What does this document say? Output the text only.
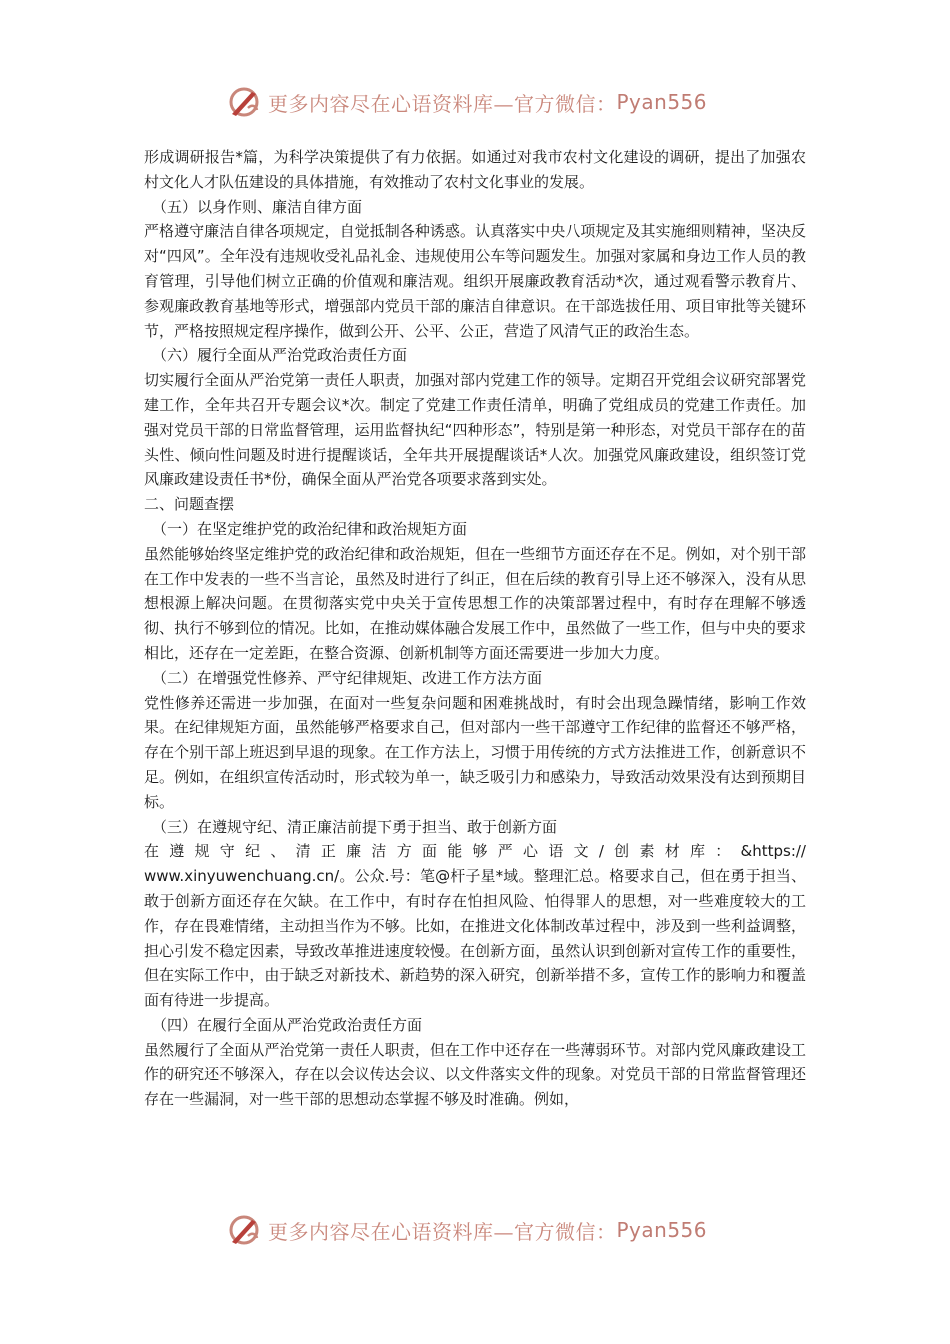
更多内容尽在心语资料库—官方微信： Pyan556

形成调研报告*篇，为科学决策提供了有力依据。如通过对我市农村文化建设的调研，提出了加强农村文化人才队伍建设的具体措施，有效推动了农村文化事业的发展。

（五）以身作则、廉洁自律方面

严格遵守廉洁自律各项规定，自觉抵制各种诱惑。认真落实中央八项规定及其实施细则精神，坚决反对“四风”。全年没有违规收受礼品礼金、违规使用公车等问题发生。加强对家属和身边工作人员的教育管理，引导他们树立正确的价值观和廉洁观。组织开展廉政教育活动*次，通过观看警示教育片、参观廉政教育基地等形式，增强部内党员干部的廉洁自律意识。在干部选拔任用、项目审批等关键环节，严格按照规定程序操作，做到公开、公平、公正，营造了风清气正的政治生态。

（六）履行全面从严治党政治责任方面

切实履行全面从严治党第一责任人职责，加强对部内党建工作的领导。定期召开党组会议研究部署党建工作，全年共召开专题会议*次。制定了党建工作责任清单，明确了党组成员的党建工作责任。加强对党员干部的日常监督管理，运用监督执纪“四种形态”，特别是第一种形态，对党员干部存在的苗头性、倾向性问题及时进行提醒谈话，全年共开展提醒谈话*人次。加强党风廉政建设，组织签订党风廉政建设责任书*份，确保全面从严治党各项要求落到实处。

二、问题查摆

（一）在坚定维护党的政治纪律和政治规矩方面

虽然能够始终坚定维护党的政治纪律和政治规矩，但在一些细节方面还存在不足。例如，对个别干部在工作中发表的一些不当言论，虽然及时进行了纠正，但在后续的教育引导上还不够深入，没有从思想根源上解决问题。在贯彻落实党中央关于宣传思想工作的决策部署过程中，有时存在理解不够透彻、执行不够到位的情况。比如，在推动媒体融合发展工作中，虽然做了一些工作，但与中央的要求相比，还存在一定差距，在整合资源、创新机制等方面还需要进一步加大力度。

（二）在增强党性修养、严守纪律规矩、改进工作方法方面

党性修养还需进一步加强，在面对一些复杂问题和困难挑战时，有时会出现急躁情绪，影响工作效果。在纪律规矩方面，虽然能够严格要求自己，但对部内一些干部遵守工作纪律的监督还不够严格，存在个别干部上班迟到早退的现象。在工作方法上，习惯于用传统的方式方法推进工作，创新意识不足。例如，在组织宣传活动时，形式较为单一，缺乏吸引力和感染力，导致活动效果没有达到预期目标。

（三）在遵规守纪、清正廉洁前提下勇于担当、敢于创新方面

在遵规守纪、清正廉洁方面能够严心语文/创素材库：&https://

www.xinyuwenchuang.cn/。公众.号：笔@杆子星*域。整理汇总。格要求自己，但在勇于担当、敢于创新方面还存在欠缺。在工作中，有时存在怕担风险、怕得罪人的思想，对一些难度较大的工作，存在畏难情绪，主动担当作为不够。比如，在推进文化体制改革过程中，涉及到一些利益调整，担心引发不稳定因素，导致改革推进速度较慢。在创新方面，虽然认识到创新对宣传工作的重要性，但在实际工作中，由于缺乏对新技术、新趋势的深入研究，创新举措不多，宣传工作的影响力和覆盖面有待进一步提高。

（四）在履行全面从严治党政治责任方面

虽然履行了全面从严治党第一责任人职责，但在工作中还存在一些薄弱环节。对部内党风廉政建设工作的研究还不够深入，存在以会议传达会议、以文件落实文件的现象。对党员干部的日常监督管理还存在一些漏洞，对一些干部的思想动态掌握不够及时准确。例如，

更多内容尽在心语资料库—官方微信： Pyan556
